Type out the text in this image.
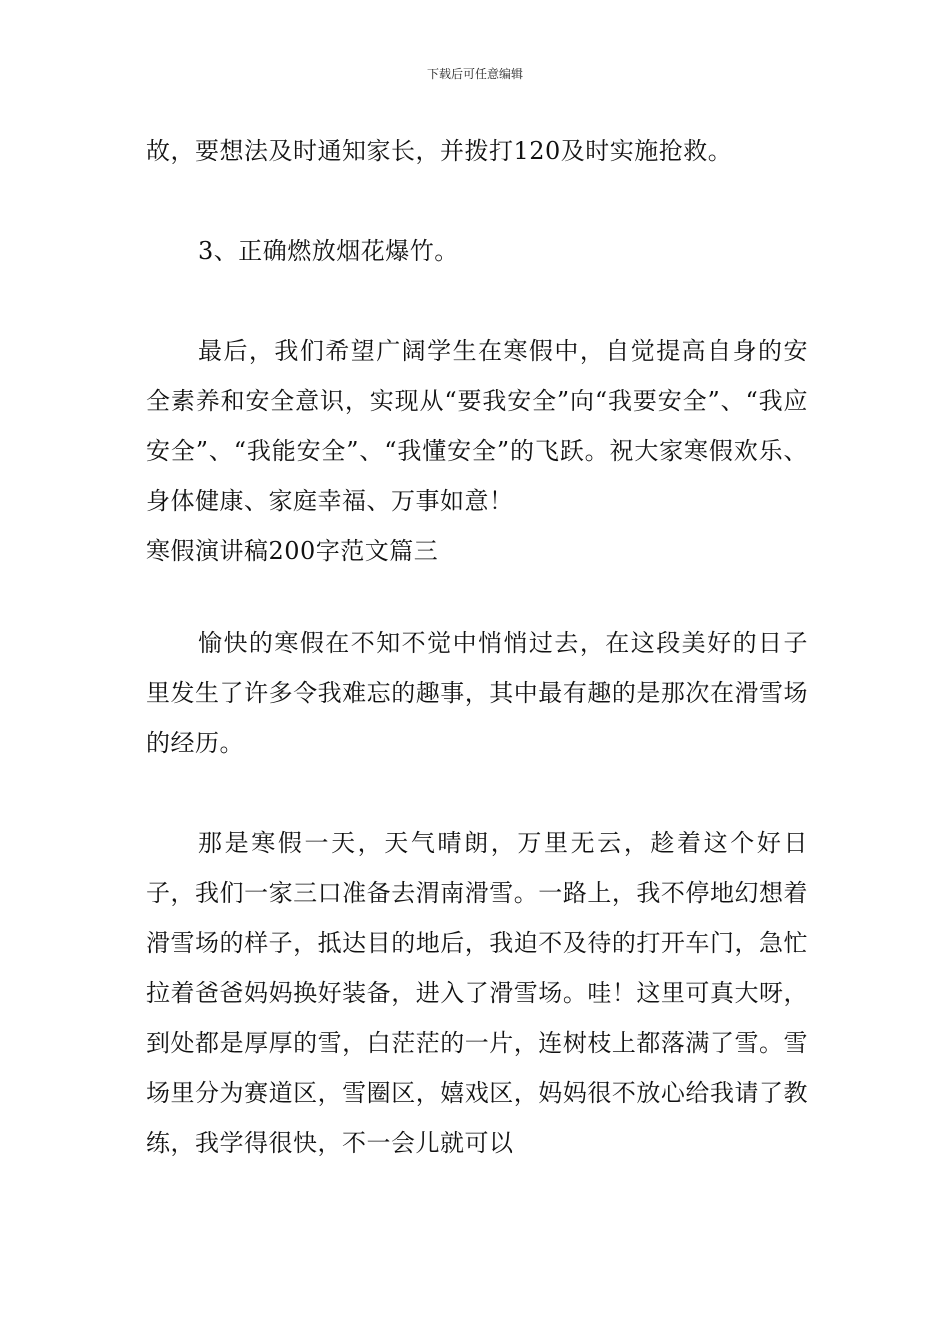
下载后可任意编辑

故，要想法及时通知家长，并拨打120及时实施抢救。

3、正确燃放烟花爆竹。

最后，我们希望广阔学生在寒假中，自觉提高自身的安全素养和安全意识，实现从“要我安全”向“我要安全”、“我应安全”、“我能安全”、“我懂安全”的飞跃。祝大家寒假欢乐、身体健康、家庭幸福、万事如意！

寒假演讲稿200字范文篇三

愉快的寒假在不知不觉中悄悄过去，在这段美好的日子里发生了许多令我难忘的趣事，其中最有趣的是那次在滑雪场的经历。

那是寒假一天，天气晴朗，万里无云，趁着这个好日子，我们一家三口准备去渭南滑雪。一路上，我不停地幻想着滑雪场的样子，抵达目的地后，我迫不及待的打开车门，急忙拉着爸爸妈妈换好装备，进入了滑雪场。哇！这里可真大呀，到处都是厚厚的雪，白茫茫的一片，连树枝上都落满了雪。雪场里分为赛道区，雪圈区，嬉戏区，妈妈很不放心给我请了教练，我学得很快，不一会儿就可以
